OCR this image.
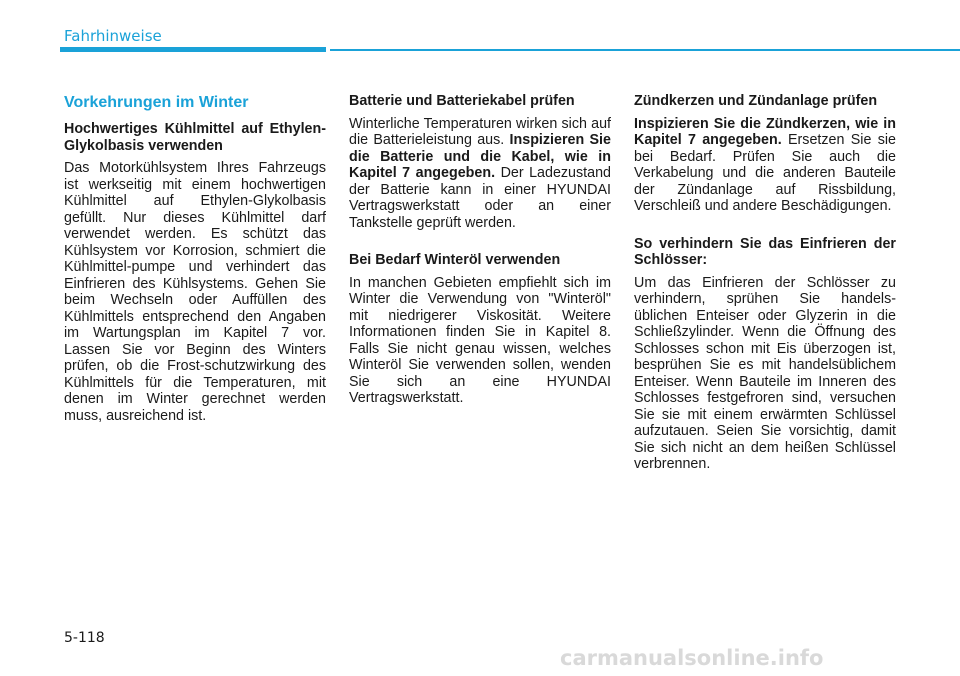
Fahrhinweise
Vorkehrungen im Winter
Hochwertiges Kühlmittel auf Ethylen-Glykolbasis verwenden

Das Motorkühlsystem Ihres Fahrzeugs ist werkseitig mit einem hochwertigen Kühlmittel auf Ethylen-Glykolbasis gefüllt. Nur dieses Kühlmittel darf verwendet werden. Es schützt das Kühlsystem vor Korrosion, schmiert die Kühlmittel-pumpe und verhindert das Einfrieren des Kühlsystems. Gehen Sie beim Wechseln oder Auffüllen des Kühlmittels entsprechend den Angaben im Wartungsplan im Kapitel 7 vor. Lassen Sie vor Beginn des Winters prüfen, ob die Frost-schutzwirkung des Kühlmittels für die Temperaturen, mit denen im Winter gerechnet werden muss, ausreichend ist.

Batterie und Batteriekabel prüfen

Winterliche Temperaturen wirken sich auf die Batterieleistung aus. Inspizieren Sie die Batterie und die Kabel, wie in Kapitel 7 angegeben. Der Ladezustand der Batterie kann in einer HYUNDAI Vertragswerkstatt oder an einer Tankstelle geprüft werden.

Bei Bedarf Winteröl verwenden

In manchen Gebieten empfiehlt sich im Winter die Verwendung von "Winteröl" mit niedrigerer Viskosität. Weitere Informationen finden Sie in Kapitel 8. Falls Sie nicht genau wissen, welches Winteröl Sie verwenden sollen, wenden Sie sich an eine HYUNDAI Vertragswerkstatt.

Zündkerzen und Zündanlage prüfen

Inspizieren Sie die Zündkerzen, wie in Kapitel 7 angegeben. Ersetzen Sie sie bei Bedarf. Prüfen Sie auch die Verkabelung und die anderen Bauteile der Zündanlage auf Rissbildung, Verschleiß und andere Beschädigungen.

So verhindern Sie das Einfrieren der Schlösser:

Um das Einfrieren der Schlösser zu verhindern, sprühen Sie handels-üblichen Enteiser oder Glyzerin in die Schließzylinder. Wenn die Öffnung des Schlosses schon mit Eis überzogen ist, besprühen Sie es mit handelsüblichem Enteiser. Wenn Bauteile im Inneren des Schlosses festgefroren sind, versuchen Sie sie mit einem erwärmten Schlüssel aufzutauen. Seien Sie vorsichtig, damit Sie sich nicht an dem heißen Schlüssel verbrennen.

5-118
carmanualsonline.info
